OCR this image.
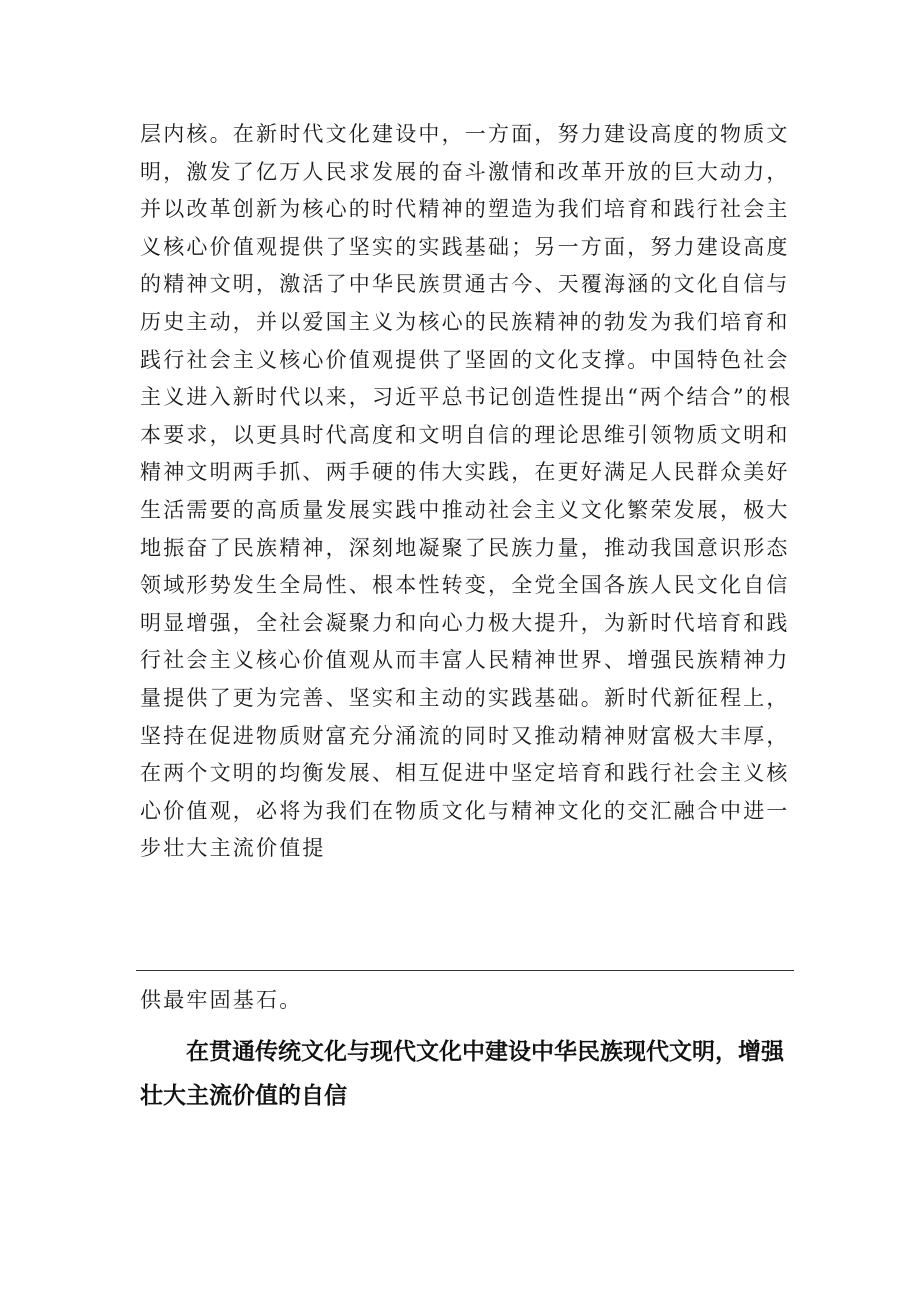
层内核。在新时代文化建设中，一方面，努力建设高度的物质文
明，激发了亿万人民求发展的奋斗激情和改革开放的巨大动力，
并以改革创新为核心的时代精神的塑造为我们培育和践行社会主
义核心价值观提供了坚实的实践基础；另一方面，努力建设高度
的精神文明，激活了中华民族贯通古今、天覆海涵的文化自信与
历史主动，并以爱国主义为核心的民族精神的勃发为我们培育和
践行社会主义核心价值观提供了坚固的文化支撑。中国特色社会
主义进入新时代以来，习近平总书记创造性提出“两个结合”的根
本要求，以更具时代高度和文明自信的理论思维引领物质文明和
精神文明两手抓、两手硬的伟大实践，在更好满足人民群众美好
生活需要的高质量发展实践中推动社会主义文化繁荣发展，极大
地振奋了民族精神，深刻地凝聚了民族力量，推动我国意识形态
领域形势发生全局性、根本性转变，全党全国各族人民文化自信
明显增强，全社会凝聚力和向心力极大提升，为新时代培育和践
行社会主义核心价值观从而丰富人民精神世界、增强民族精神力
量提供了更为完善、坚实和主动的实践基础。新时代新征程上，
坚持在促进物质财富充分涌流的同时又推动精神财富极大丰厚，
在两个文明的均衡发展、相互促进中坚定培育和践行社会主义核
心价值观，必将为我们在物质文化与精神文化的交汇融合中进一
步壮大主流价值提

供最牢固基石。

在贯通传统文化与现代文化中建设中华民族现代文明，增强
壮大主流价值的自信
